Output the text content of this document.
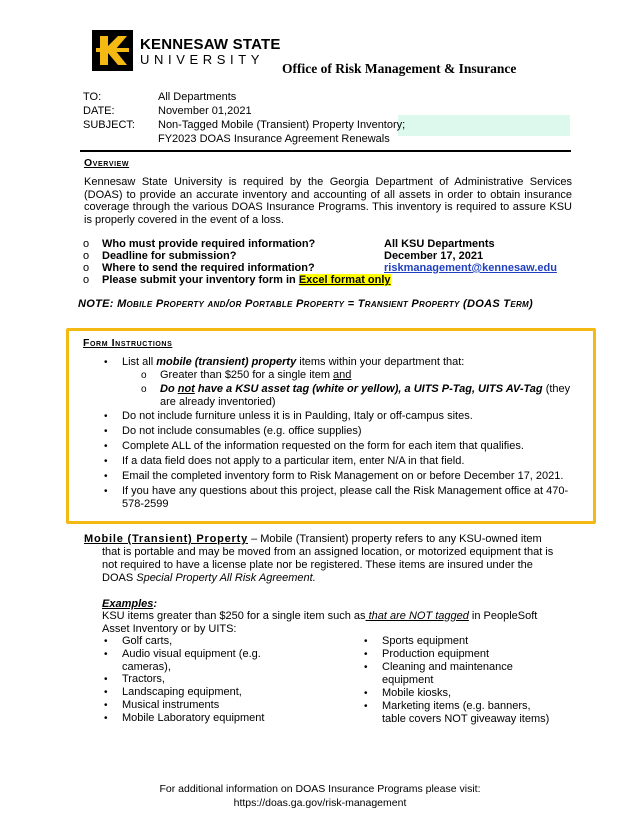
KENNESAW STATE
UNIVERSITY
Office of Risk Management & Insurance
TO:	All Departments
DATE:	November 01,2021
SUBJECT: Non-Tagged Mobile (Transient) Property Inventory;
FY2023 DOAS Insurance Agreement Renewals
Overview
Kennesaw State University is required by the Georgia Department of Administrative Services (DOAS) to provide an accurate inventory and accounting of all assets in order to obtain insurance coverage through the various DOAS Insurance Programs. This inventory is required to assure KSU is properly covered in the event of a loss.
o Who must provide required information?	All KSU Departments
o Deadline for submission?	December 17, 2021
o Where to send the required information?	riskmanagement@kennesaw.edu
o Please submit your inventory form in Excel format only
NOTE: Mobile Property and/or Portable Property = Transient Property (DOAS Term)
Form Instructions
• List all mobile (transient) property items within your department that:
o Greater than $250 for a single item and
o Do not have a KSU asset tag (white or yellow), a UITS P-Tag, UITS AV-Tag (they
are already inventoried)
• Do not include furniture unless it is in Paulding, Italy or off-campus sites.
• Do not include consumables (e.g. office supplies)
• Complete ALL of the information requested on the form for each item that qualifies.
• If a data field does not apply to a particular item, enter N/A in that field.
• Email the completed inventory form to Risk Management on or before December 17, 2021.
• If you have any questions about this project, please call the Risk Management office at 470-
578-2599
Mobile (Transient) Property – Mobile (Transient) property refers to any KSU-owned item
that is portable and may be moved from an assigned location, or motorized equipment that is
not required to have a license plate nor be registered. These items are insured under the
DOAS Special Property All Risk Agreement.
Examples:
KSU items greater than $250 for a single item such as that are NOT tagged in PeopleSoft
Asset Inventory or by UITS:
• Golf carts,
• Audio visual equipment (e.g.
cameras),
• Tractors,
• Landscaping equipment,
• Musical instruments
• Mobile Laboratory equipment
• Sports equipment
• Production equipment
• Cleaning and maintenance
equipment
• Mobile kiosks,
• Marketing items (e.g. banners,
table covers NOT giveaway items)
For additional information on DOAS Insurance Programs please visit:
https://doas.ga.gov/risk-management
